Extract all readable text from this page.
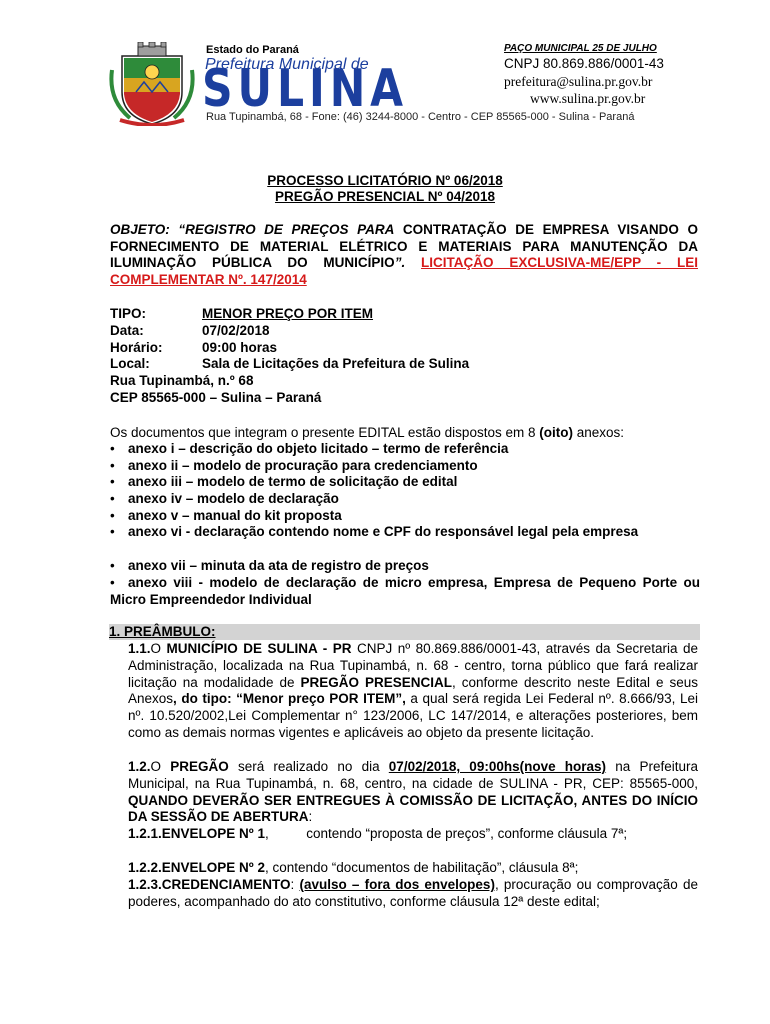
Estado do Paraná
Prefeitura Municipal de
SULINA
Rua Tupinambá, 68 - Fone: (46) 3244-8000 - Centro - CEP 85565-000 - Sulina - Paraná
PAÇO MUNICIPAL 25 DE JULHO
CNPJ 80.869.886/0001-43
prefeitura@sulina.pr.gov.br
www.sulina.pr.gov.br
PROCESSO LICITATÓRIO Nº 06/2018
PREGÃO PRESENCIAL Nº 04/2018
OBJETO: “REGISTRO DE PREÇOS PARA CONTRATAÇÃO DE EMPRESA VISANDO O FORNECIMENTO DE MATERIAL ELÉTRICO E MATERIAIS PARA MANUTENÇÃO DA ILUMINAÇÃO PÚBLICA DO MUNICÍPIO”. LICITAÇÃO EXCLUSIVA-ME/EPP - LEI COMPLEMENTAR Nº. 147/2014
TIPO:	MENOR PREÇO POR ITEM
Data:	07/02/2018
Horário:	09:00 horas
Local:	Sala de Licitações da Prefeitura de Sulina
Rua Tupinambá, n.º 68
CEP 85565-000 – Sulina – Paraná
Os documentos que integram o presente EDITAL estão dispostos em 8 (oito) anexos:
• anexo i – descrição do objeto licitado – termo de referência
• anexo ii – modelo de procuração para credenciamento
• anexo iii – modelo de termo de solicitação de edital
• anexo iv – modelo de declaração
• anexo v – manual do kit proposta
• anexo vi - declaração contendo nome e CPF do responsável legal pela empresa
• anexo vii – minuta da ata de registro de preços
• anexo viii - modelo de declaração de micro empresa, Empresa de Pequeno Porte ou Micro Empreendedor Individual
1. PREÂMBULO:
1.1.O MUNICÍPIO DE SULINA - PR CNPJ nº 80.869.886/0001-43, através da Secretaria de Administração, localizada na Rua Tupinambá, n. 68 - centro, torna público que fará realizar licitação na modalidade de PREGÃO PRESENCIAL, conforme descrito neste Edital e seus Anexos, do tipo: “Menor preço POR ITEM”, a qual será regida Lei Federal nº. 8.666/93, Lei nº. 10.520/2002,Lei Complementar n° 123/2006, LC 147/2014, e alterações posteriores, bem como as demais normas vigentes e aplicáveis ao objeto da presente licitação.
1.2.O PREGÃO será realizado no dia 07/02/2018, 09:00hs(nove horas) na Prefeitura Municipal, na Rua Tupinambá, n. 68, centro, na cidade de SULINA - PR, CEP: 85565-000, QUANDO DEVERÃO SER ENTREGUES À COMISSÃO DE LICITAÇÃO, ANTES DO INÍCIO DA SESSÃO DE ABERTURA:
1.2.1.ENVELOPE Nº 1,          contendo “proposta de preços”, conforme cláusula 7ª;
1.2.2.ENVELOPE Nº 2, contendo “documentos de habilitação”, cláusula 8ª;
1.2.3.CREDENCIAMENTO: (avulso – fora dos envelopes), procuração ou comprovação de poderes, acompanhado do ato constitutivo, conforme cláusula 12ª deste edital;
